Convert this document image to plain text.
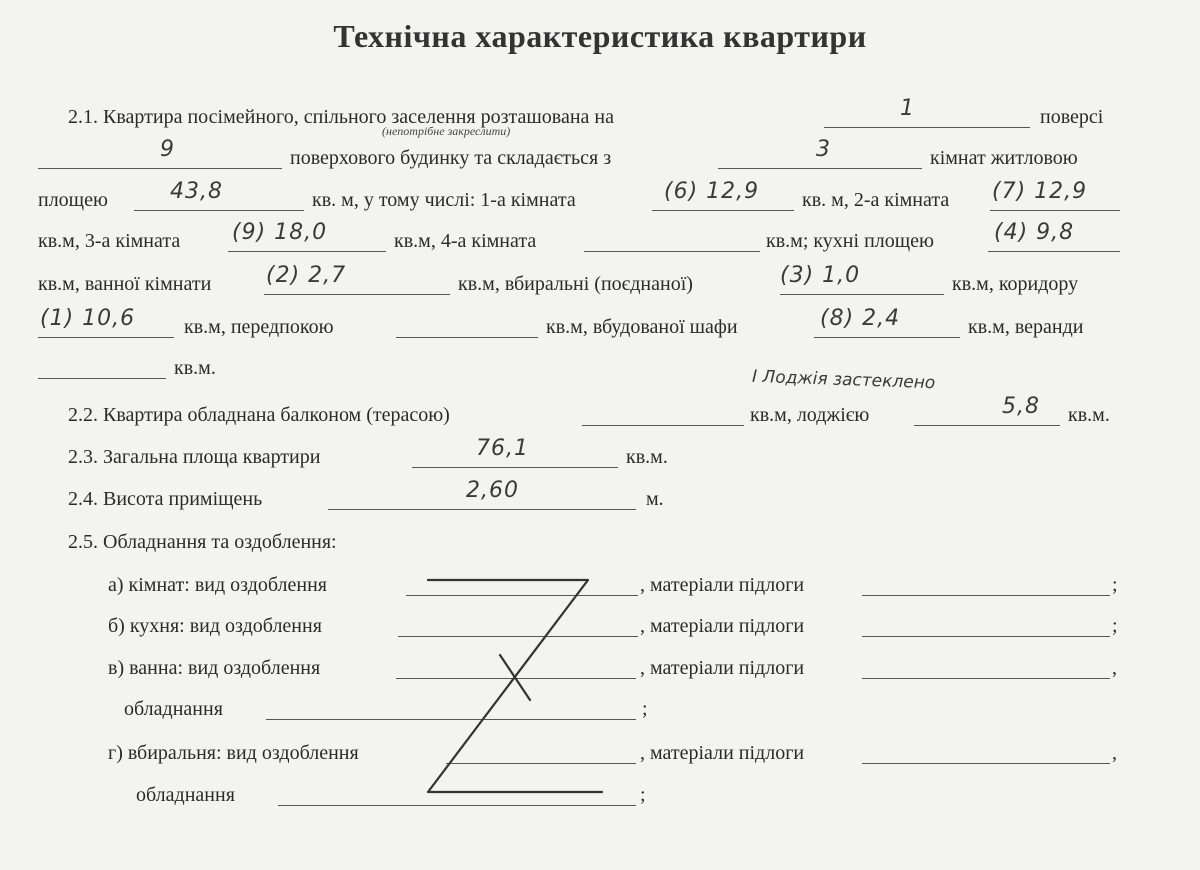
Технічна характеристика квартири
2.1. Квартира посімейного, спільного заселення розташована на	1	поверсі
(непотрібне закреслити)
9	поверхового будинку та складається з	3	кімнат житловою
площею	43,8	кв. м, у тому числі: 1-а кімната	(6) 12,9 кв. м, 2-а кімната (7) 12,9
кв.м, 3-а кімната (9) 18,0	кв.м, 4-а кімната	кв.м; кухні площею	(4) 9,8
кв.м, ванної кімнати (2) 2,7	кв.м, вбиральні (поєднаної)	(3) 1,0	кв.м, коридору
(1) 10,6 кв.м, передпокою	кв.м, вбудованої шафи	(8) 2,4	кв.м, веранди
кв.м.	I Лоджія застеклено
2.2. Квартира обладнана балконом (терасою)	кв.м, лоджією	5,8 кв.м.
2.3. Загальна площа квартири	76,1	кв.м.
2.4. Висота приміщень	2,60	м.
2.5. Обладнання та оздоблення:
а) кімнат: вид оздоблення	, матеріали підлоги	;
б) кухня: вид оздоблення	, матеріали підлоги	;
в) ванна: вид оздоблення	, матеріали підлоги	,
обладнання	;
г) вбиральня: вид оздоблення	, матеріали підлоги	,
обладнання	;
